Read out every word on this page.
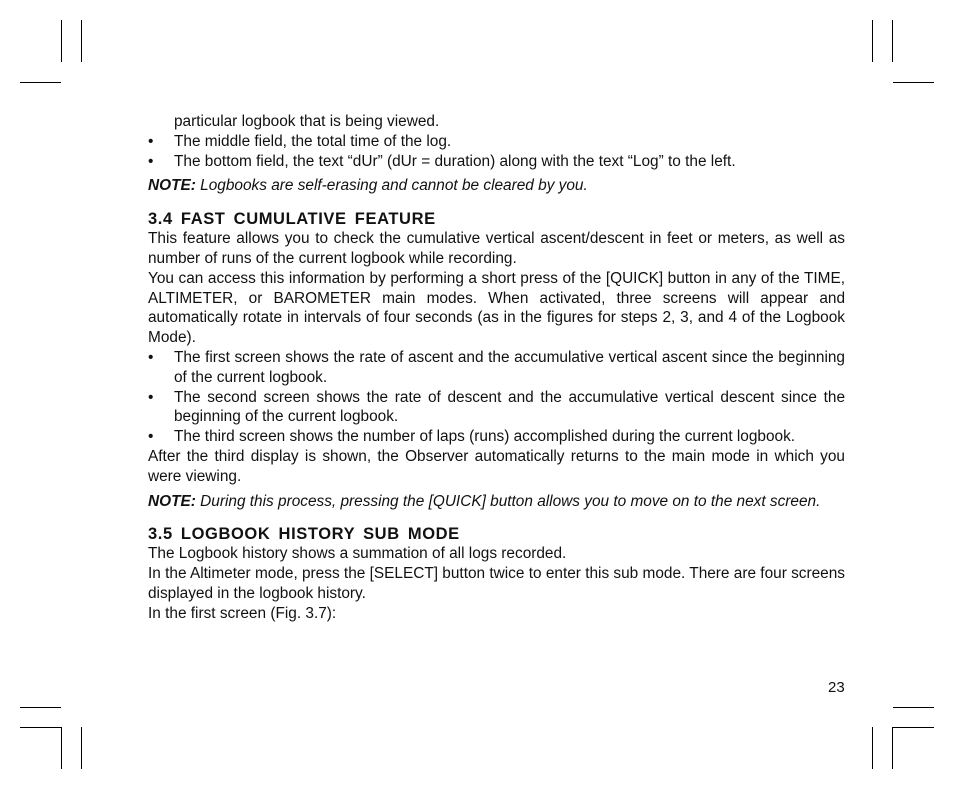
particular logbook that is being viewed.

• The middle field, the total time of the log.
• The bottom field, the text “dUr” (dUr = duration) along with the text “Log” to the left.

NOTE: Logbooks are self-erasing and cannot be cleared by you.

3.4 FAST CUMULATIVE FEATURE

This feature allows you to check the cumulative vertical ascent/descent in feet or meters, as well as number of runs of the current logbook while recording.

You can access this information by performing a short press of the [QUICK] button in any of the TIME, ALTIMETER, or BAROMETER main modes. When activated, three screens will appear and automatically rotate in intervals of four seconds (as in the figures for steps 2, 3, and 4 of the Logbook Mode).

• The first screen shows the rate of ascent and the accumulative vertical ascent since the beginning of the current logbook.
• The second screen shows the rate of descent and the accumulative vertical descent since the beginning of the current logbook.
• The third screen shows the number of laps (runs) accomplished during the current logbook.

After the third display is shown, the Observer automatically returns to the main mode in which you were viewing.

NOTE: During this process, pressing the [QUICK] button allows you to move on to the next screen.

3.5 LOGBOOK HISTORY SUB MODE

The Logbook history shows a summation of all logs recorded.

In the Altimeter mode, press the [SELECT] button twice to enter this sub mode. There are four screens displayed in the logbook history.

In the first screen (Fig. 3.7):

23
